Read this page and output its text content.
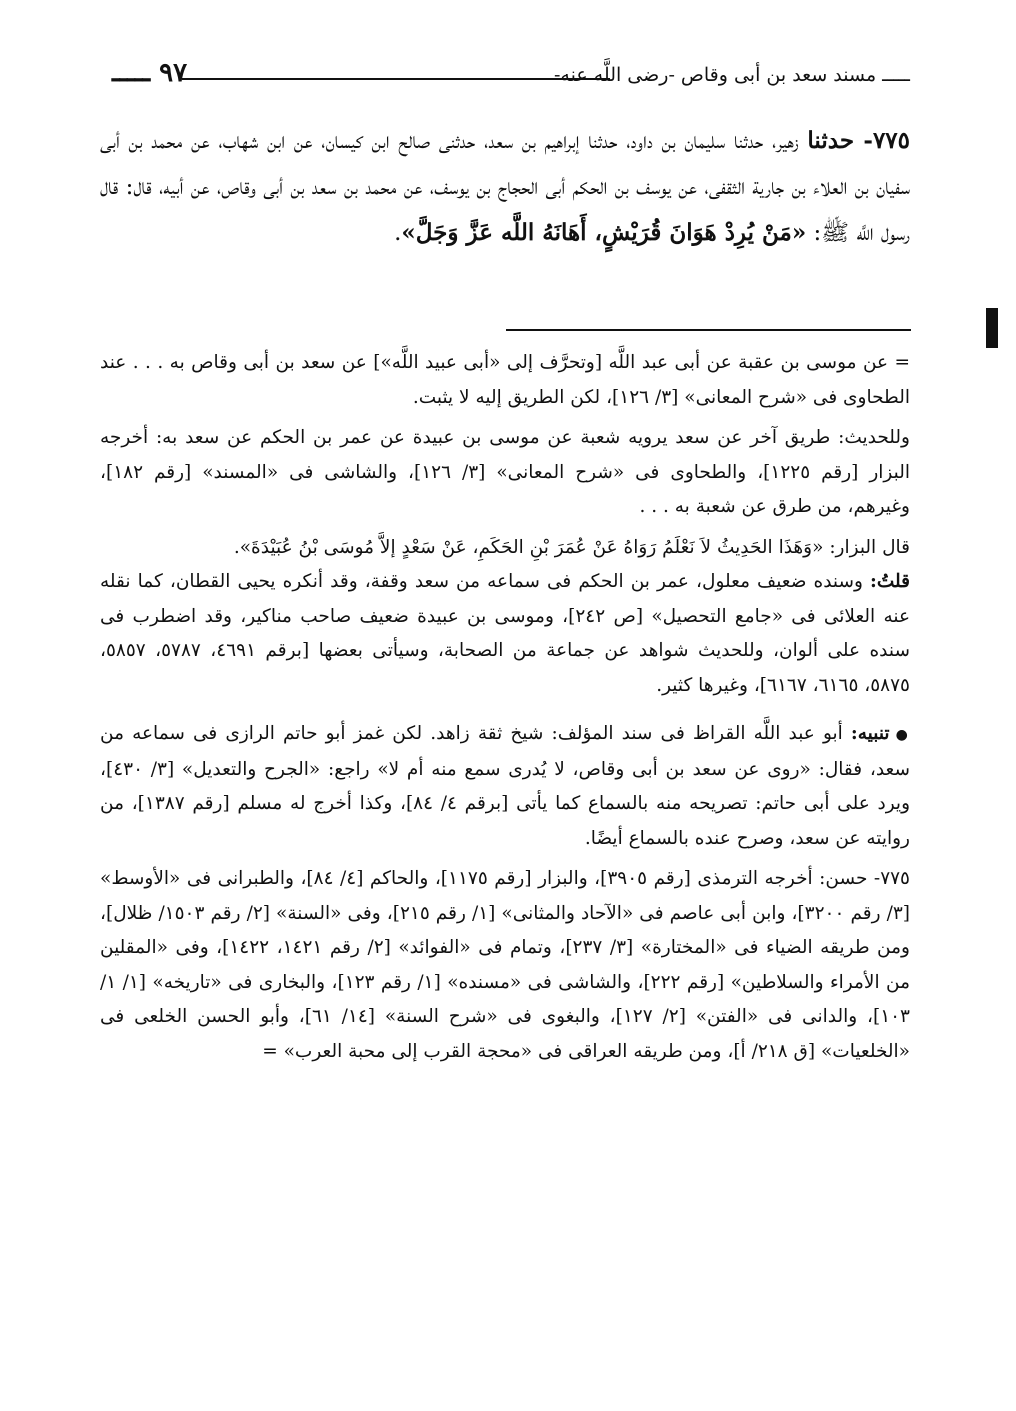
ـــــ مسند سعد بن أبى وقاص -رضى اللَّه عنه-
٩٧ ـــــ

٧٧٥- حدثنا زهير، حدثنا سليمان بن داود، حدثنا إبراهيم بن سعد، حدثنى صالح ابن كيسان، عن ابن شهاب، عن محمد بن أبى سفيان بن العلاء بن جارية الثقفى، عن يوسف بن الحكم أبى الحجاج بن يوسف، عن محمد بن سعد بن أبى وقاص، عن أبيه، قال: قال رسول اللَّه ﷺ: «مَنْ يُرِدْ هَوَانَ قُرَيْشٍ، أَهَانَهُ اللَّه عَزَّ وَجَلَّ».

= عن موسى بن عقبة عن أبى عبد اللَّه [وتحرَّف إلى «أبى عبيد اللَّه»] عن سعد بن أبى وقاص به . . . عند الطحاوى فى «شرح المعانى» [٣/ ١٢٦]، لكن الطريق إليه لا يثبت.

وللحديث: طريق آخر عن سعد يرويه شعبة عن موسى بن عبيدة عن عمر بن الحكم عن سعد به: أخرجه البزار [رقم ١٢٢٥]، والطحاوى فى «شرح المعانى» [٣/ ١٢٦]، والشاشى فى «المسند» [رقم ١٨٢]، وغيرهم، من طرق عن شعبة به . . .

قال البزار: «وَهَذَا الحَدِيثُ لاَ نَعْلَمُ رَوَاهُ عَنْ عُمَرَ بْنِ الحَكَمِ، عَنْ سَعْدٍ إلاَّ مُوسَى بْنُ عُبَيْدَةَ».

قلتُ: وسنده ضعيف معلول، عمر بن الحكم فى سماعه من سعد وقفة، وقد أنكره يحيى القطان، كما نقله عنه العلائى فى «جامع التحصيل» [ص ٢٤٢]، وموسى بن عبيدة ضعيف صاحب مناكير، وقد اضطرب فى سنده على ألوان، وللحديث شواهد عن جماعة من الصحابة، وسيأتى بعضها [برقم ٤٦٩١، ٥٧٨٧، ٥٨٥٧، ٥٨٧٥، ٦١٦٥، ٦١٦٧]، وغيرها كثير.

●تنبيه: أبو عبد اللَّه القراظ فى سند المؤلف: شيخ ثقة زاهد. لكن غمز أبو حاتم الرازى فى سماعه من سعد، فقال: «روى عن سعد بن أبى وقاص، لا يُدرى سمع منه أم لا» راجع: «الجرح والتعديل» [٣/ ٤٣٠]، ويرد على أبى حاتم: تصريحه منه بالسماع كما يأتى [برقم ٤/ ٨٤]، وكذا أخرج له مسلم [رقم ١٣٨٧]، من روايته عن سعد، وصرح عنده بالسماع أيضًا.

٧٧٥- حسن: أخرجه الترمذى [رقم ٣٩٠٥]، والبزار [رقم ١١٧٥]، والحاكم [٤/ ٨٤]، والطبرانى فى «الأوسط» [٣/ رقم ٣٢٠٠]، وابن أبى عاصم فى «الآحاد والمثانى» [١/ رقم ٢١٥]، وفى «السنة» [٢/ رقم ١٥٠٣/ ظلال]، ومن طريقه الضياء فى «المختارة» [٣/ ٢٣٧]، وتمام فى «الفوائد» [٢/ رقم ١٤٢١، ١٤٢٢]، وفى «المقلين من الأمراء والسلاطين» [رقم ٢٢٢]، والشاشى فى «مسنده» [١/ رقم ١٢٣]، والبخارى فى «تاريخه» [١/ ١/ ١٠٣]، والدانى فى «الفتن» [٢/ ١٢٧]، والبغوى فى «شرح السنة» [١٤/ ٦١]، وأبو الحسن الخلعى فى «الخلعيات» [ق ٢١٨/ أ]، ومن طريقه العراقى فى «محجة القرب إلى محبة العرب» =
